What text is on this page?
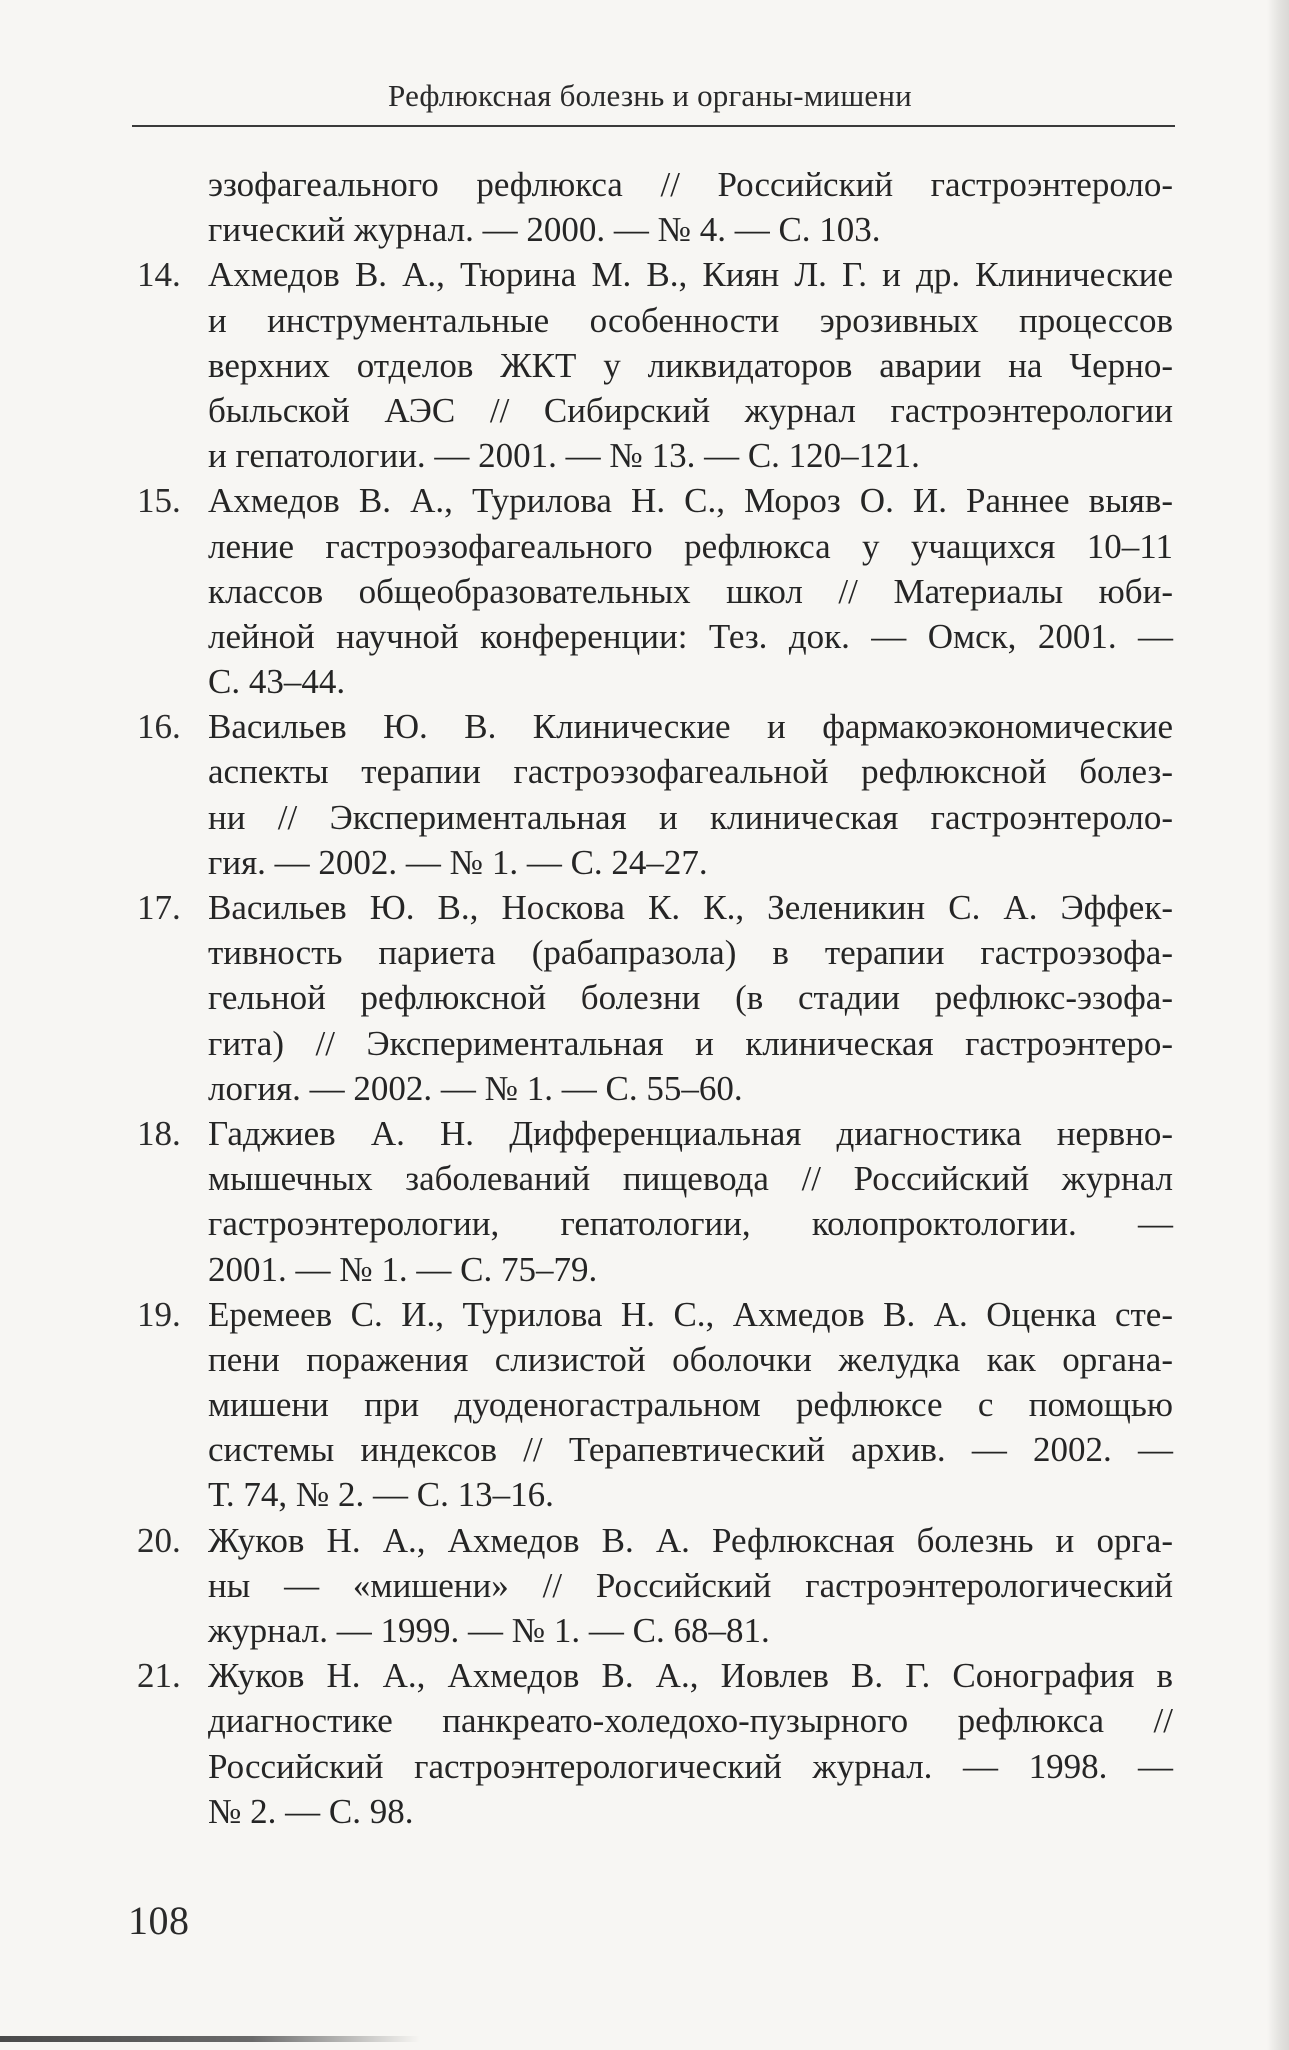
Рефлюксная болезнь и органы-мишени
эзофагеального рефлюкса // Российский гастроэнтероло-
гический журнал. — 2000. — № 4. — С. 103.
14. Ахмедов В. А., Тюрина М. В., Киян Л. Г. и др. Клинические
и инструментальные особенности эрозивных процессов
верхних отделов ЖКТ у ликвидаторов аварии на Черно-
быльской АЭС // Сибирский журнал гастроэнтерологии
и гепатологии. — 2001. — № 13. — С. 120–121.
15. Ахмедов В. А., Турилова Н. С., Мороз О. И. Раннее выяв-
ление гастроэзофагеального рефлюкса у учащихся 10–11
классов общеобразовательных школ // Материалы юби-
лейной научной конференции: Тез. док. — Омск, 2001. —
С. 43–44.
16. Васильев Ю. В. Клинические и фармакоэкономические
аспекты терапии гастроэзофагеальной рефлюксной болез-
ни // Экспериментальная и клиническая гастроэнтероло-
гия. — 2002. — № 1. — С. 24–27.
17. Васильев Ю. В., Носкова К. К., Зеленикин С. А. Эффек-
тивность париета (рабапразола) в терапии гастроэзофа-
гельной рефлюксной болезни (в стадии рефлюкс-эзофа-
гита) // Экспериментальная и клиническая гастроэнтеро-
логия. — 2002. — № 1. — С. 55–60.
18. Гаджиев А. Н. Дифференциальная диагностика нервно-
мышечных заболеваний пищевода // Российский журнал
гастроэнтерологии, гепатологии, колопроктологии. —
2001. — № 1. — С. 75–79.
19. Еремеев С. И., Турилова Н. С., Ахмедов В. А. Оценка сте-
пени поражения слизистой оболочки желудка как органа-
мишени при дуоденогастральном рефлюксе с помощью
системы индексов // Терапевтический архив. — 2002. —
Т. 74, № 2. — С. 13–16.
20. Жуков Н. А., Ахмедов В. А. Рефлюксная болезнь и орга-
ны — «мишени» // Российский гастроэнтерологический
журнал. — 1999. — № 1. — С. 68–81.
21. Жуков Н. А., Ахмедов В. А., Иовлев В. Г. Сонография в
диагностике панкреато-холедохо-пузырного рефлюкса //
Российский гастроэнтерологический журнал. — 1998. —
№ 2. — С. 98.
108
